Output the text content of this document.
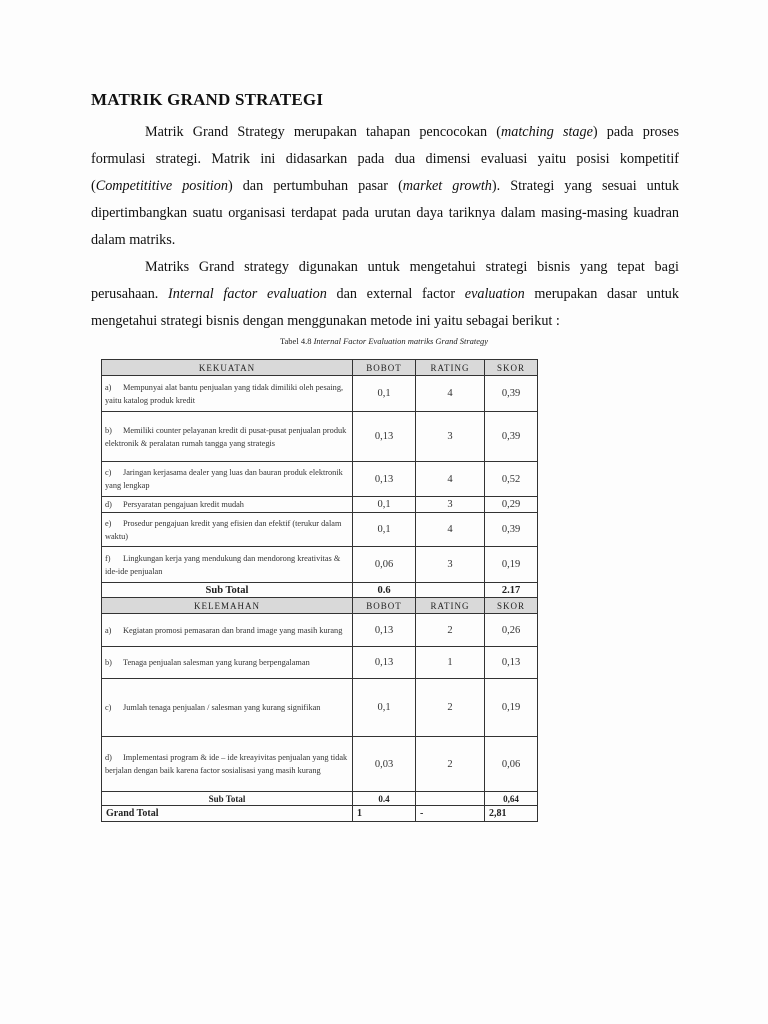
MATRIK GRAND STRATEGI

Matrik Grand Strategy merupakan tahapan pencocokan (matching stage) pada proses formulasi strategi. Matrik ini didasarkan pada dua dimensi evaluasi yaitu posisi kompetitif (Competititive position) dan pertumbuhan pasar (market growth). Strategi yang sesuai untuk dipertimbangkan suatu organisasi terdapat pada urutan daya tariknya dalam masing-masing kuadran dalam matriks.

Matriks Grand strategy digunakan untuk mengetahui strategi bisnis yang tepat bagi perusahaan. Internal factor evaluation dan external factor evaluation merupakan dasar untuk mengetahui strategi bisnis dengan menggunakan metode ini yaitu sebagai berikut :

Tabel 4.8 Internal Factor Evaluation matriks Grand Strategy
KEKUATAN	BOBOT	RATING	SKOR
a) Mempunyai alat bantu penjualan yang tidak dimiliki oleh pesaing, yaitu katalog produk kredit	0,1	4	0,39
b) Memiliki counter pelayanan kredit di pusat-pusat penjualan produk elektronik & peralatan rumah tangga yang strategis	0,13	3	0,39
c) Jaringan kerjasama dealer yang luas dan bauran produk elektronik yang lengkap	0,13	4	0,52
d) Persyaratan pengajuan kredit mudah	0,1	3	0,29
e) Prosedur pengajuan kredit yang efisien dan efektif (terukur dalam waktu)	0,1	4	0,39
f) Lingkungan kerja yang mendukung dan mendorong kreativitas & ide-ide penjualan	0,06	3	0,19
Sub Total	0.6		2.17
KELEMAHAN	BOBOT	RATING	SKOR
a) Kegiatan promosi pemasaran dan brand image yang masih kurang	0,13	2	0,26
b) Tenaga penjualan salesman yang kurang berpengalaman	0,13	1	0,13
c) Jumlah tenaga penjualan / salesman yang kurang signifikan	0,1	2	0,19
d) Implementasi program & ide – ide kreayivitas penjualan yang tidak berjalan dengan baik karena factor sosialisasi yang masih kurang	0,03	2	0,06
Sub Total	0.4		0,64
Grand Total	1	-	2,81
